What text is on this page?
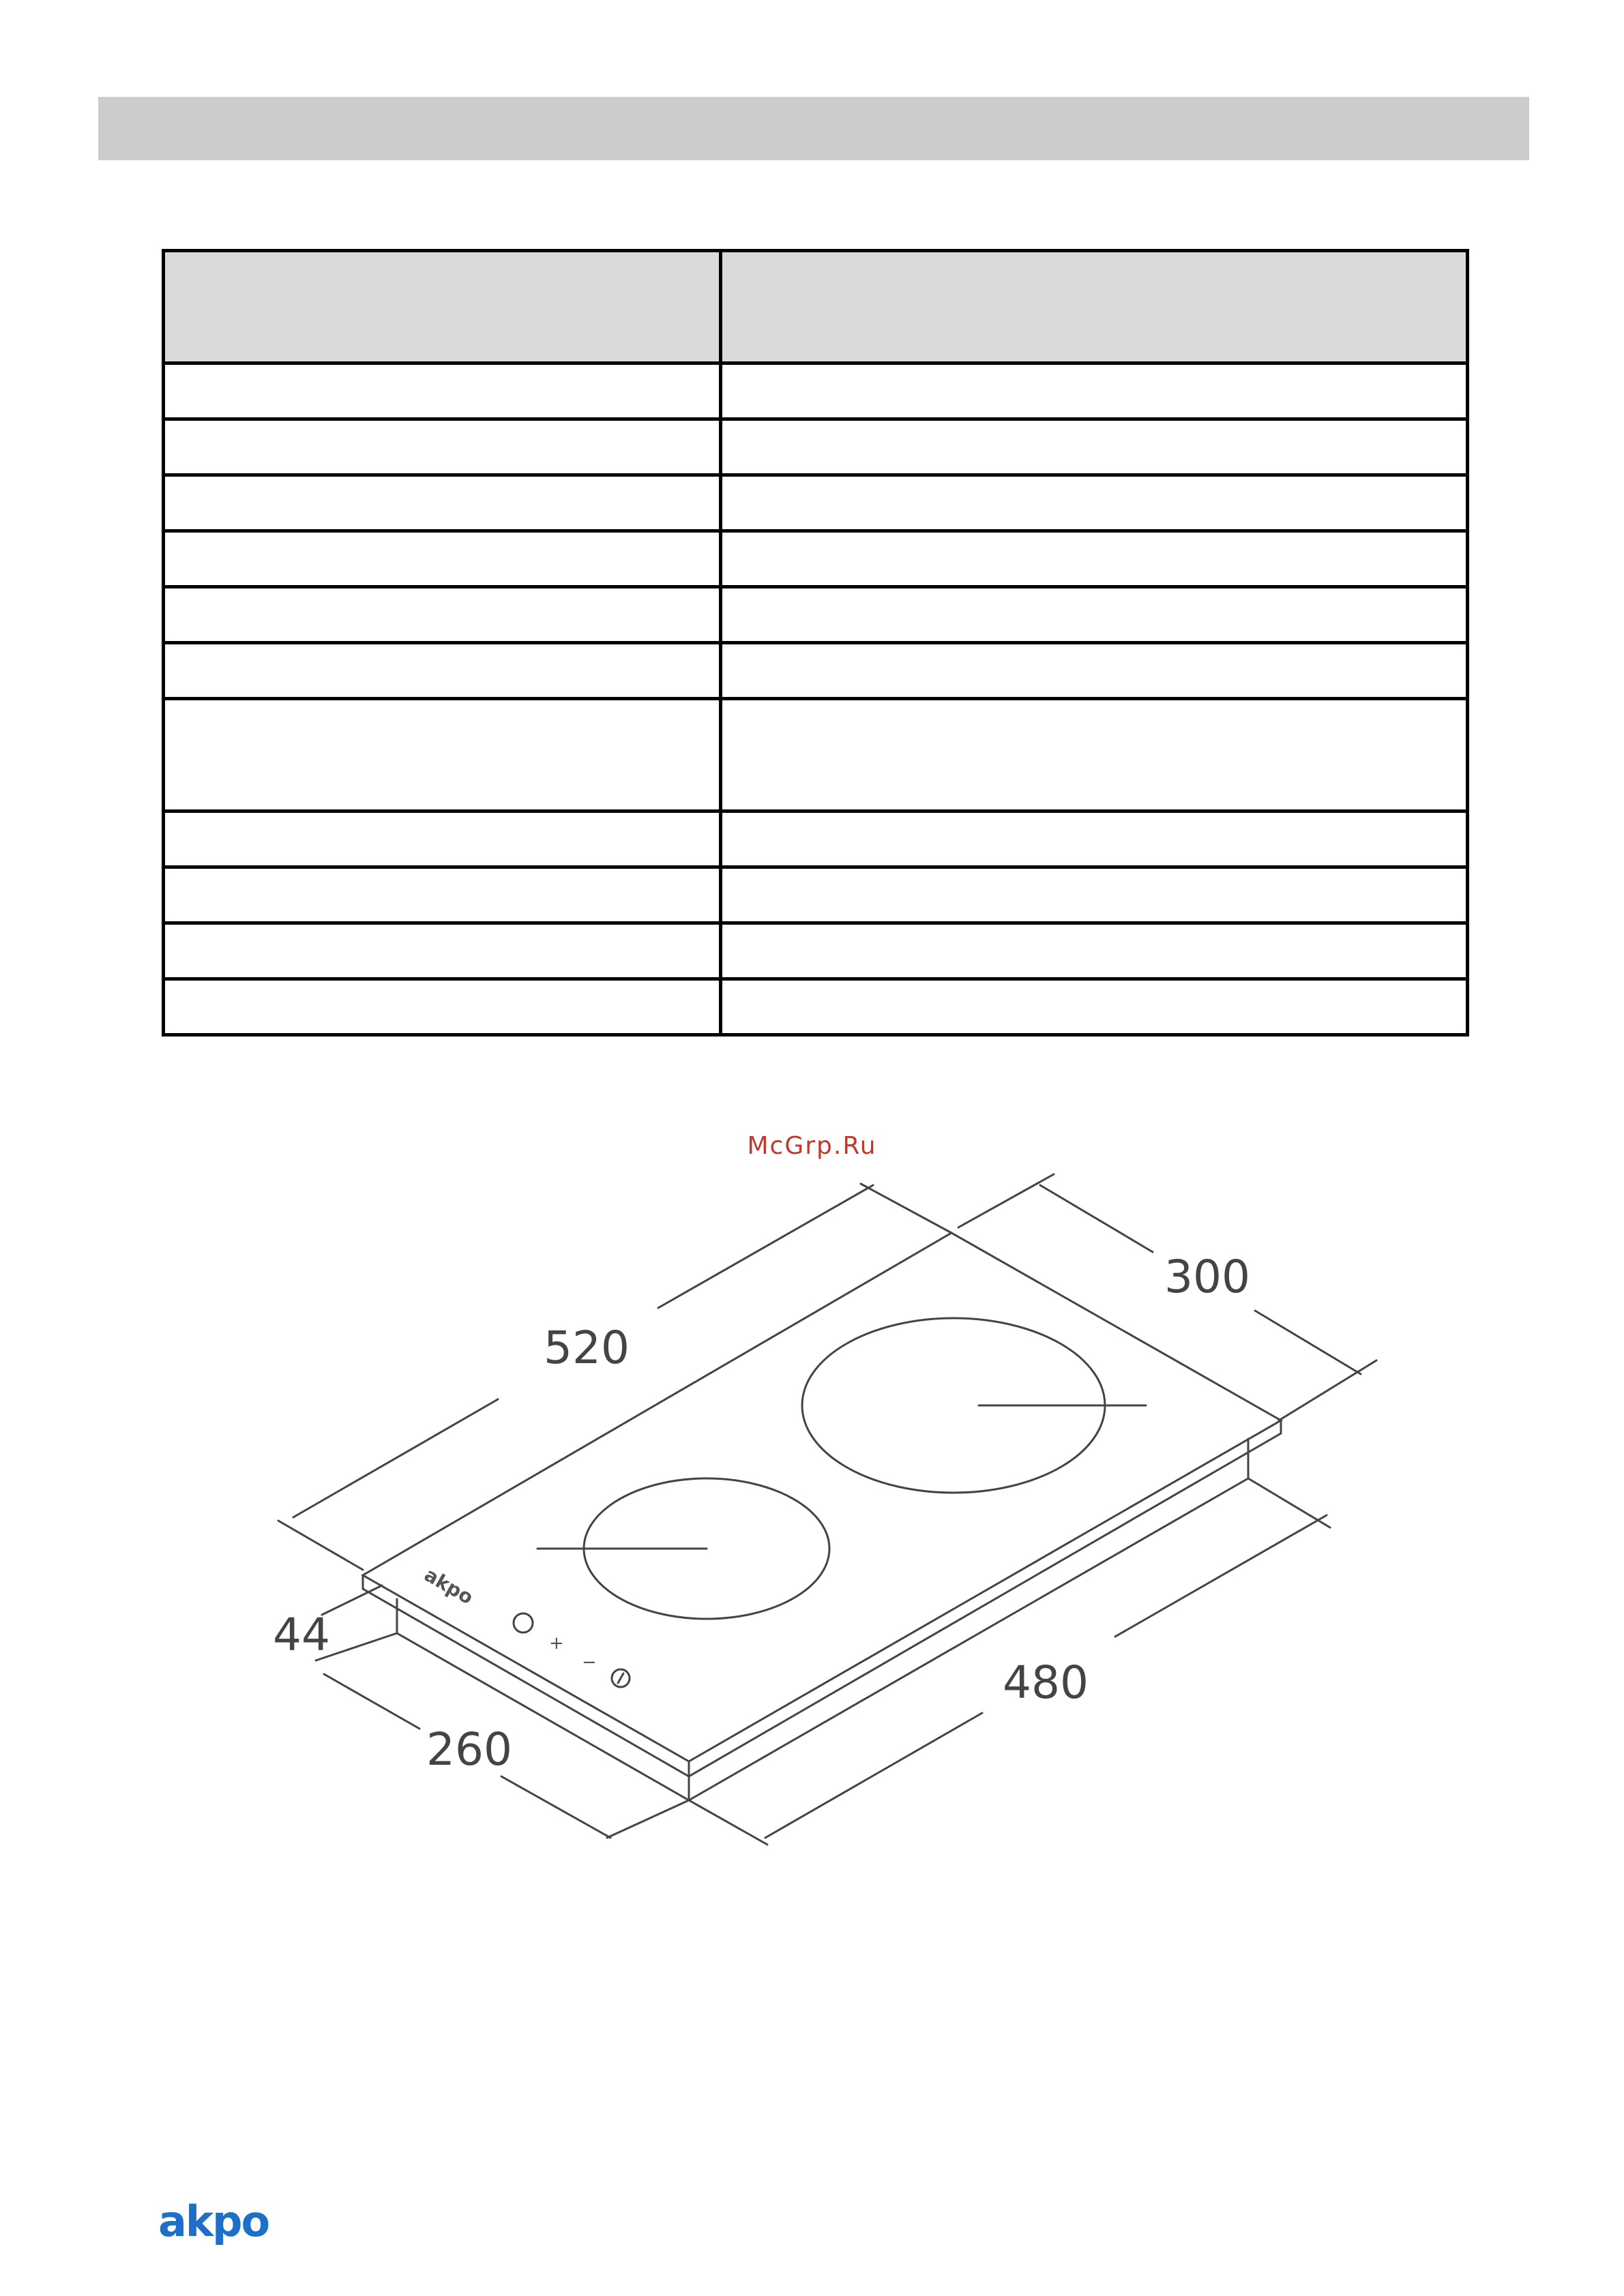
McGrp.Ru
520
300
44
260
480
akpo
+
−
akpo
